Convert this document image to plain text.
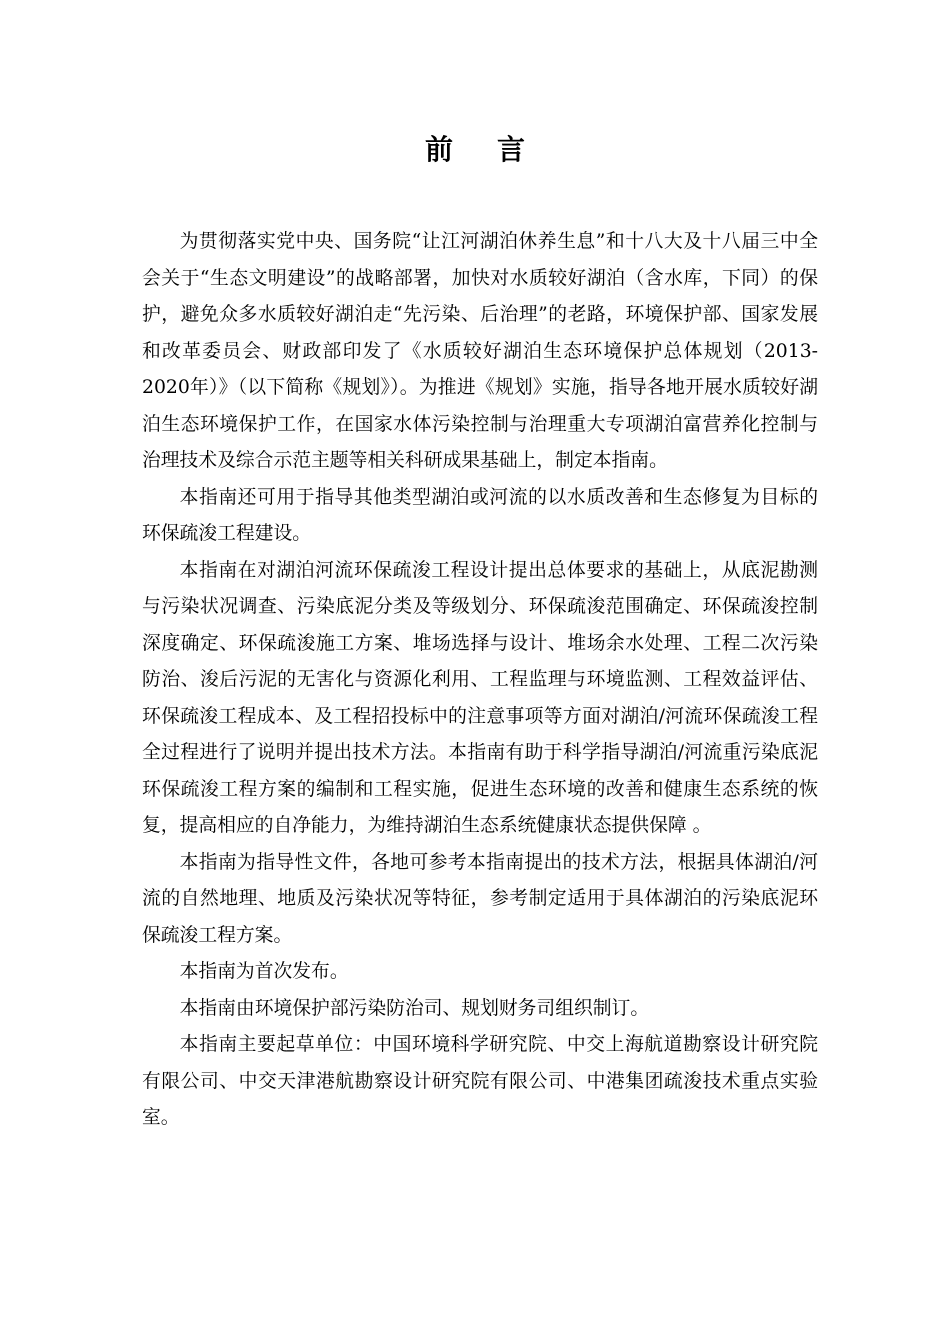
前言

为贯彻落实党中央、国务院“让江河湖泊休养生息”和十八大及十八届三中全会关于“生态文明建设”的战略部署，加快对水质较好湖泊（含水库，下同）的保护，避免众多水质较好湖泊走“先污染、后治理”的老路，环境保护部、国家发展和改革委员会、财政部印发了《水质较好湖泊生态环境保护总体规划（2013-2020年）》（以下简称《规划》）。为推进《规划》实施，指导各地开展水质较好湖泊生态环境保护工作，在国家水体污染控制与治理重大专项湖泊富营养化控制与治理技术及综合示范主题等相关科研成果基础上，制定本指南。

本指南还可用于指导其他类型湖泊或河流的以水质改善和生态修复为目标的环保疏浚工程建设。

本指南在对湖泊河流环保疏浚工程设计提出总体要求的基础上，从底泥勘测与污染状况调查、污染底泥分类及等级划分、环保疏浚范围确定、环保疏浚控制深度确定、环保疏浚施工方案、堆场选择与设计、堆场余水处理、工程二次污染防治、浚后污泥的无害化与资源化利用、工程监理与环境监测、工程效益评估、环保疏浚工程成本、及工程招投标中的注意事项等方面对湖泊/河流环保疏浚工程全过程进行了说明并提出技术方法。本指南有助于科学指导湖泊/河流重污染底泥环保疏浚工程方案的编制和工程实施，促进生态环境的改善和健康生态系统的恢复，提高相应的自净能力，为维持湖泊生态系统健康状态提供保障 。

本指南为指导性文件，各地可参考本指南提出的技术方法，根据具体湖泊/河流的自然地理、地质及污染状况等特征，参考制定适用于具体湖泊的污染底泥环保疏浚工程方案。

本指南为首次发布。

本指南由环境保护部污染防治司、规划财务司组织制订。

本指南主要起草单位：中国环境科学研究院、中交上海航道勘察设计研究院有限公司、中交天津港航勘察设计研究院有限公司、中港集团疏浚技术重点实验室。
